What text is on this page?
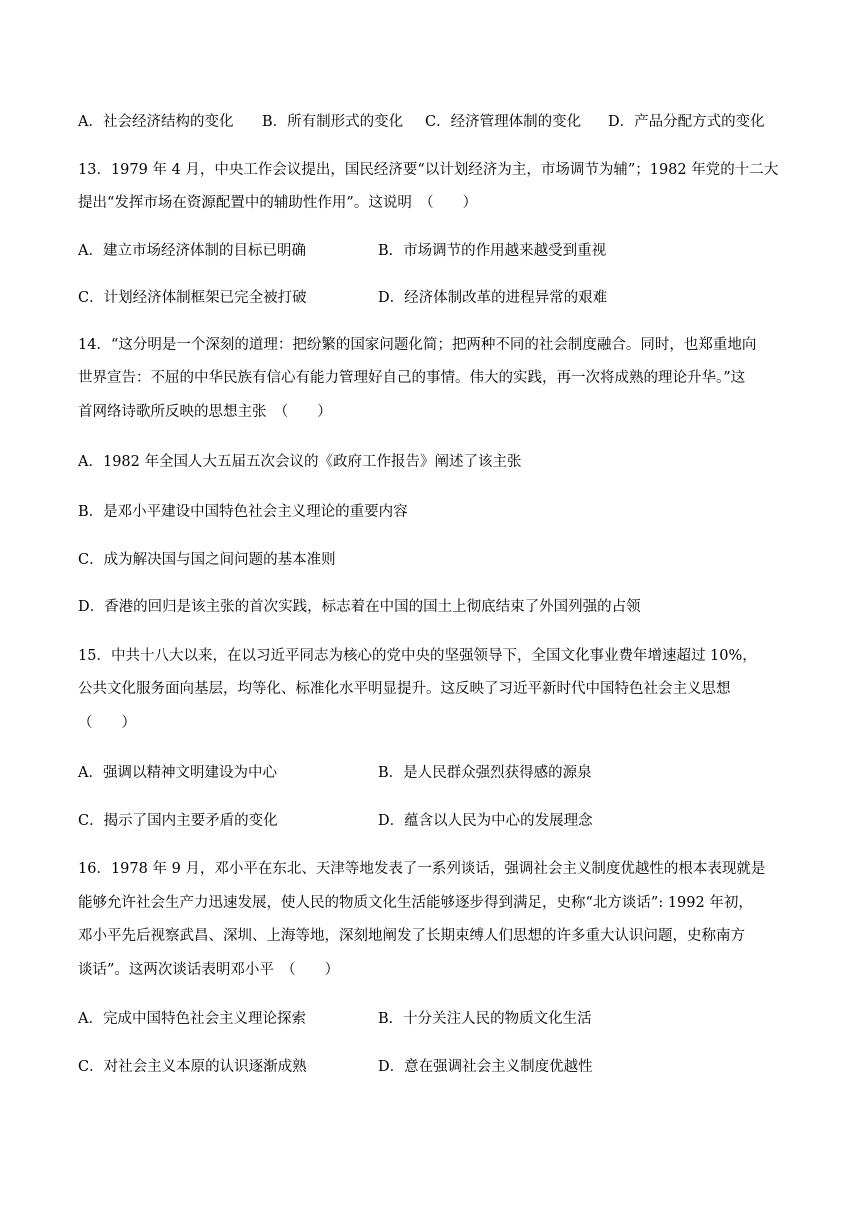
A．社会经济结构的变化 B．所有制形式的变化 C．经济管理体制的变化 D．产品分配方式的变化
13．1979 年 4 月，中央工作会议提出，国民经济要“以计划经济为主，市场调节为辅”；1982 年党的十二大
提出“发挥市场在资源配置中的辅助性作用”。这说明　（　　）
A．建立市场经济体制的目标已明确	B．市场调节的作用越来越受到重视
C．计划经济体制框架已完全被打破	D．经济体制改革的进程异常的艰难
14．“这分明是一个深刻的道理：把纷繁的国家问题化简；把两种不同的社会制度融合。同时，也郑重地向
世界宣告：不屈的中华民族有信心有能力管理好自己的事情。伟大的实践，再一次将成熟的理论升华。”这
首网络诗歌所反映的思想主张　（　　）
A．1982 年全国人大五届五次会议的《政府工作报告》阐述了该主张
B．是邓小平建设中国特色社会主义理论的重要内容
C．成为解决国与国之间问题的基本准则
D．香港的回归是该主张的首次实践，标志着在中国的国土上彻底结束了外国列强的占领
15．中共十八大以来，在以习近平同志为核心的党中央的坚强领导下，全国文化事业费年增速超过 10%，
公共文化服务面向基层，均等化、标准化水平明显提升。这反映了习近平新时代中国特色社会主义思想
（　　）
A．强调以精神文明建设为中心	B．是人民群众强烈获得感的源泉
C．揭示了国内主要矛盾的变化	D．蕴含以人民为中心的发展理念
16．1978 年 9 月，邓小平在东北、天津等地发表了一系列谈话，强调社会主义制度优越性的根本表现就是
能够允许社会生产力迅速发展，使人民的物质文化生活能够逐步得到满足，史称“北方谈话”: 1992 年初，
邓小平先后视察武昌、深圳、上海等地，深刻地阐发了长期束缚人们思想的许多重大认识问题，史称南方
谈话”。这两次谈话表明邓小平　（　　）
A．完成中国特色社会主义理论探索	B．十分关注人民的物质文化生活
C．对社会主义本原的认识逐渐成熟	D．意在强调社会主义制度优越性
